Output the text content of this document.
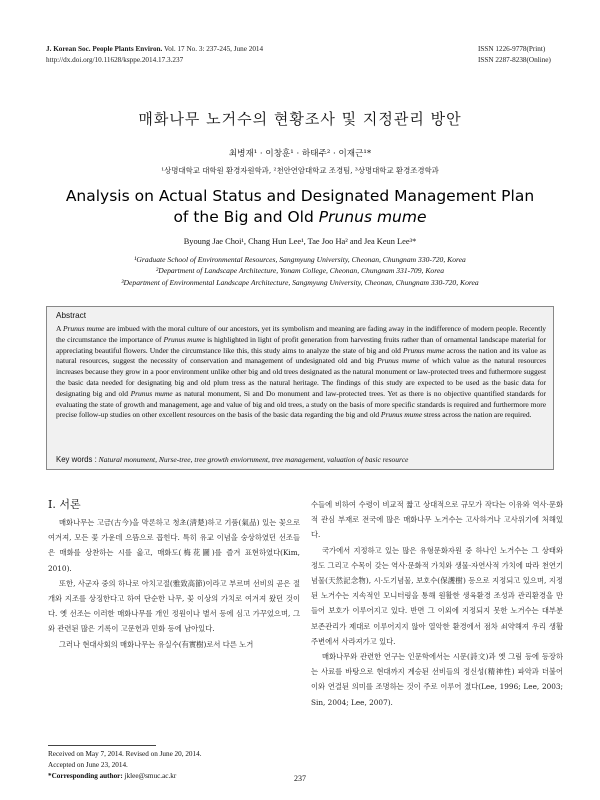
J. Korean Soc. People Plants Environ. Vol. 17 No. 3: 237-245, June 2014
http://dx.doi.org/10.11628/ksppe.2014.17.3.237
ISSN 1226-9778(Print)
ISSN 2287-8238(Online)
매화나무 노거수의 현황조사 및 지정관리 방안
최병재¹ · 이창훈¹ · 하태주² · 이재근¹*
¹상명대학교 대학원 환경자원학과, ²천안연암대학교 조경팀, ³상명대학교 환경조경학과
Analysis on Actual Status and Designated Management Plan
of the Big and Old Prunus mume
Byoung Jae Choi¹, Chang Hun Lee¹, Tae Joo Ha² and Jea Keun Lee³*
¹Graduate School of Environmental Resources, Sangmyung University, Cheonan, Chungnam 330-720, Korea
²Department of Landscape Architecture, Yonam College, Cheonan, Chungnam 331-709, Korea
³Department of Environmental Landscape Architecture, Sangmyung University, Cheonan, Chungnam 330-720, Korea
Abstract
A Prunus mume are imbued with the moral culture of our ancestors, yet its symbolism and meaning are fading away in the indifference of modern people. Recently the circumstance the importance of Prunus mume is highlighted in light of profit generation from harvesting fruits rather than of ornamental landscape material for appreciating beautiful flowers. Under the circumstance like this, this study aims to analyze the state of big and old Prunus mume across the nation and its value as natural resources, suggest the necessity of conservation and management of undesignated old and big Prunus mume of which value as the natural resources increases because they grow in a poor environment unlike other big and old trees designated as the natural monument or law-protected trees and futhermore suggest the basic data needed for designating big and old plum tress as the natural heritage. The findings of this study are expected to be used as the basic data for designating big and old Prunus mume as natural monument, Si and Do monument and law-protected trees. Yet as there is no objective quantified standards for evaluating the state of growth and management, age and value of big and old trees, a study on the basis of more specific standards is required and furthermore more precise follow-up studies on other excellent resources on the basis of the basic data regarding the big and old Prunus mume stress across the nation are required.
Key words : Natural monument, Nurse-tree, tree growth enviornment, tree management, valuation of basic resource
Ⅰ. 서론

매화나무는 고금(古今)을 막론하고 청초(淸楚)하고 기품(氣品) 있는 꽃으로 여겨져, 모든 꽃 가운데 으뜸으로 꼽힌다. 특히 유교 이념을 숭상하였던 선조들은 매화를 상찬하는 시를 읊고, 매화도(梅花圖)를 즐겨 표현하였다(Kim, 2010).

또한, 사군자 중의 하나로 아치고절(雅致高節)이라고 부르며 선비의 곧은 절개와 지조를 상징한다고 하여 단순한 나무, 꽃 이상의 가치로 여겨져 왔던 것이다. 옛 선조는 이러한 매화나무를 개인 정원이나 별서 등에 심고 가꾸었으며, 그와 관련된 많은 기록이 고문헌과 민화 등에 남아있다.

그러나 현대사회의 매화나무는 유실수(有實樹)로서 다른 노거

수들에 비하여 수령이 비교적 짧고 상대적으로 규모가 작다는 이유와 역사·문화적 관심 부재로 전국에 많은 매화나무 노거수는 고사하거나 고사위기에 처해있다.

국가에서 지정하고 있는 많은 유형문화자원 중 하나인 노거수는 그 상태와 정도 그리고 수목이 갖는 역사·문화적 가치와 생물·자연사적 가치에 따라 천연기념물(天然記念物), 시·도기념물, 보호수(保護樹) 등으로 지정되고 있으며, 지정된 노거수는 지속적인 모니터링을 통해 원활한 생육환경 조성과 관리환경을 만들어 보호가 이루어지고 있다. 반면 그 이외에 지정되지 못한 노거수는 대부분 보존관리가 제대로 이루어지지 않아 열악한 환경에서 점차 쇠약해져 우리 생활주변에서 사라져가고 있다.

매화나무와 관련한 연구는 인문학에서는 시문(詩文)과 옛 그림 등에 등장하는 사료를 바탕으로 현대까지 계승된 선비들의 정신성(精神性) 파악과 더불어 이와 연결된 의미를 조명하는 것이 주로 이루어 졌다(Lee, 1996; Lee, 2003; Sin, 2004; Lee, 2007).

Received on May 7, 2014. Revised on June 20, 2014.
Accepted on June 23, 2014.
*Corresponding author: jklee@smuc.ac.kr	237
